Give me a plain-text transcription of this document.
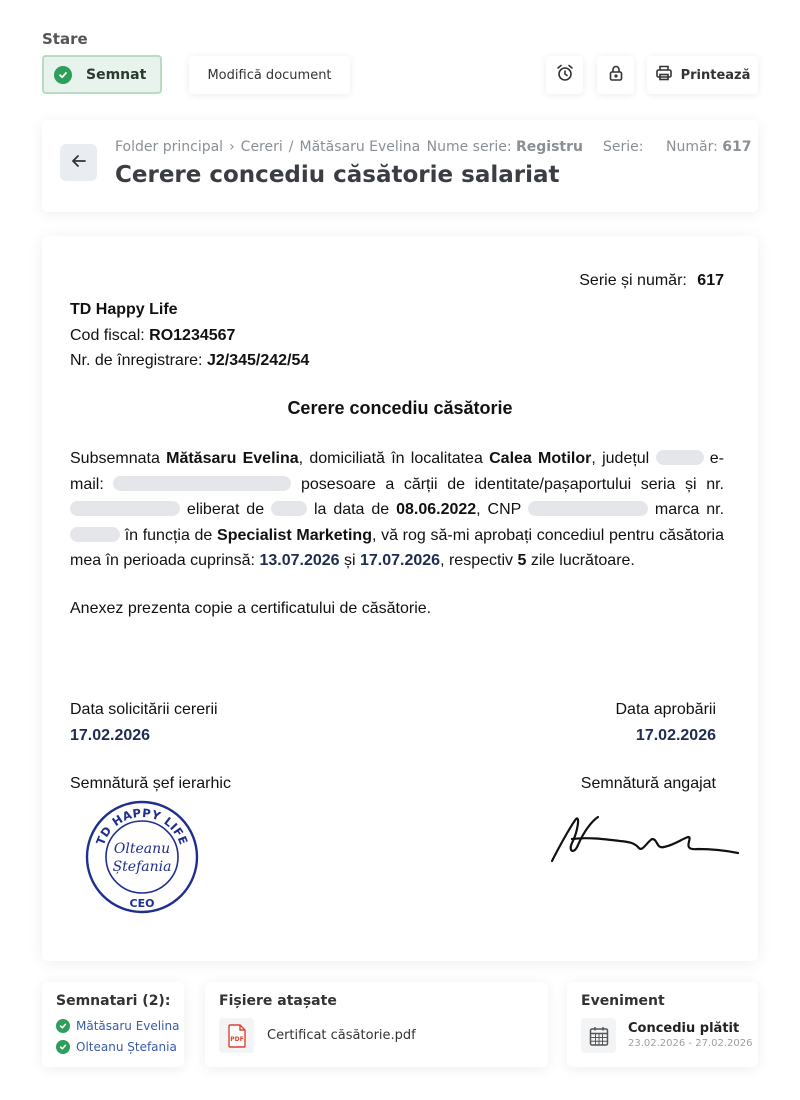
Stare
Semnat	Modifică document	Printează
Folder principal › Cereri / Mătăsaru Evelina Nume serie: Registru	Serie: Număr: 617
Cerere concediu căsătorie salariat
Serie și număr: 617
TD Happy Life
Cod fiscal: RO1234567
Nr. de înregistrare: J2/345/242/54
Cerere concediu căsătorie
Subsemnata Mătăsaru Evelina, domiciliată în localitatea Calea Motilor, județul	e-mail:	posesoare a cărții de identitate/pașaportului seria și nr.  eliberat de	la data de 08.06.2022, CNP	marca nr.  în funcția de Specialist Marketing, vă rog să-mi aprobați concediul pentru căsătoria mea în perioada cuprinsă: 13.07.2026 și 17.07.2026, respectiv 5 zile lucrătoare.
Anexez prezenta copie a certificatului de căsătorie.
Data solicitării cererii
17.02.2026
Data aprobării
17.02.2026
Semnătură șef ierarhic	Semnătură angajat
TD HAPPY LIFE
Olteanu
Ștefania
CEO
Semnatari (2):
Mătăsaru Evelina
Olteanu Ștefania
Fișiere atașate
PDF Certificat căsătorie.pdf
Eveniment
Concediu plătit
23.02.2026 - 27.02.2026
